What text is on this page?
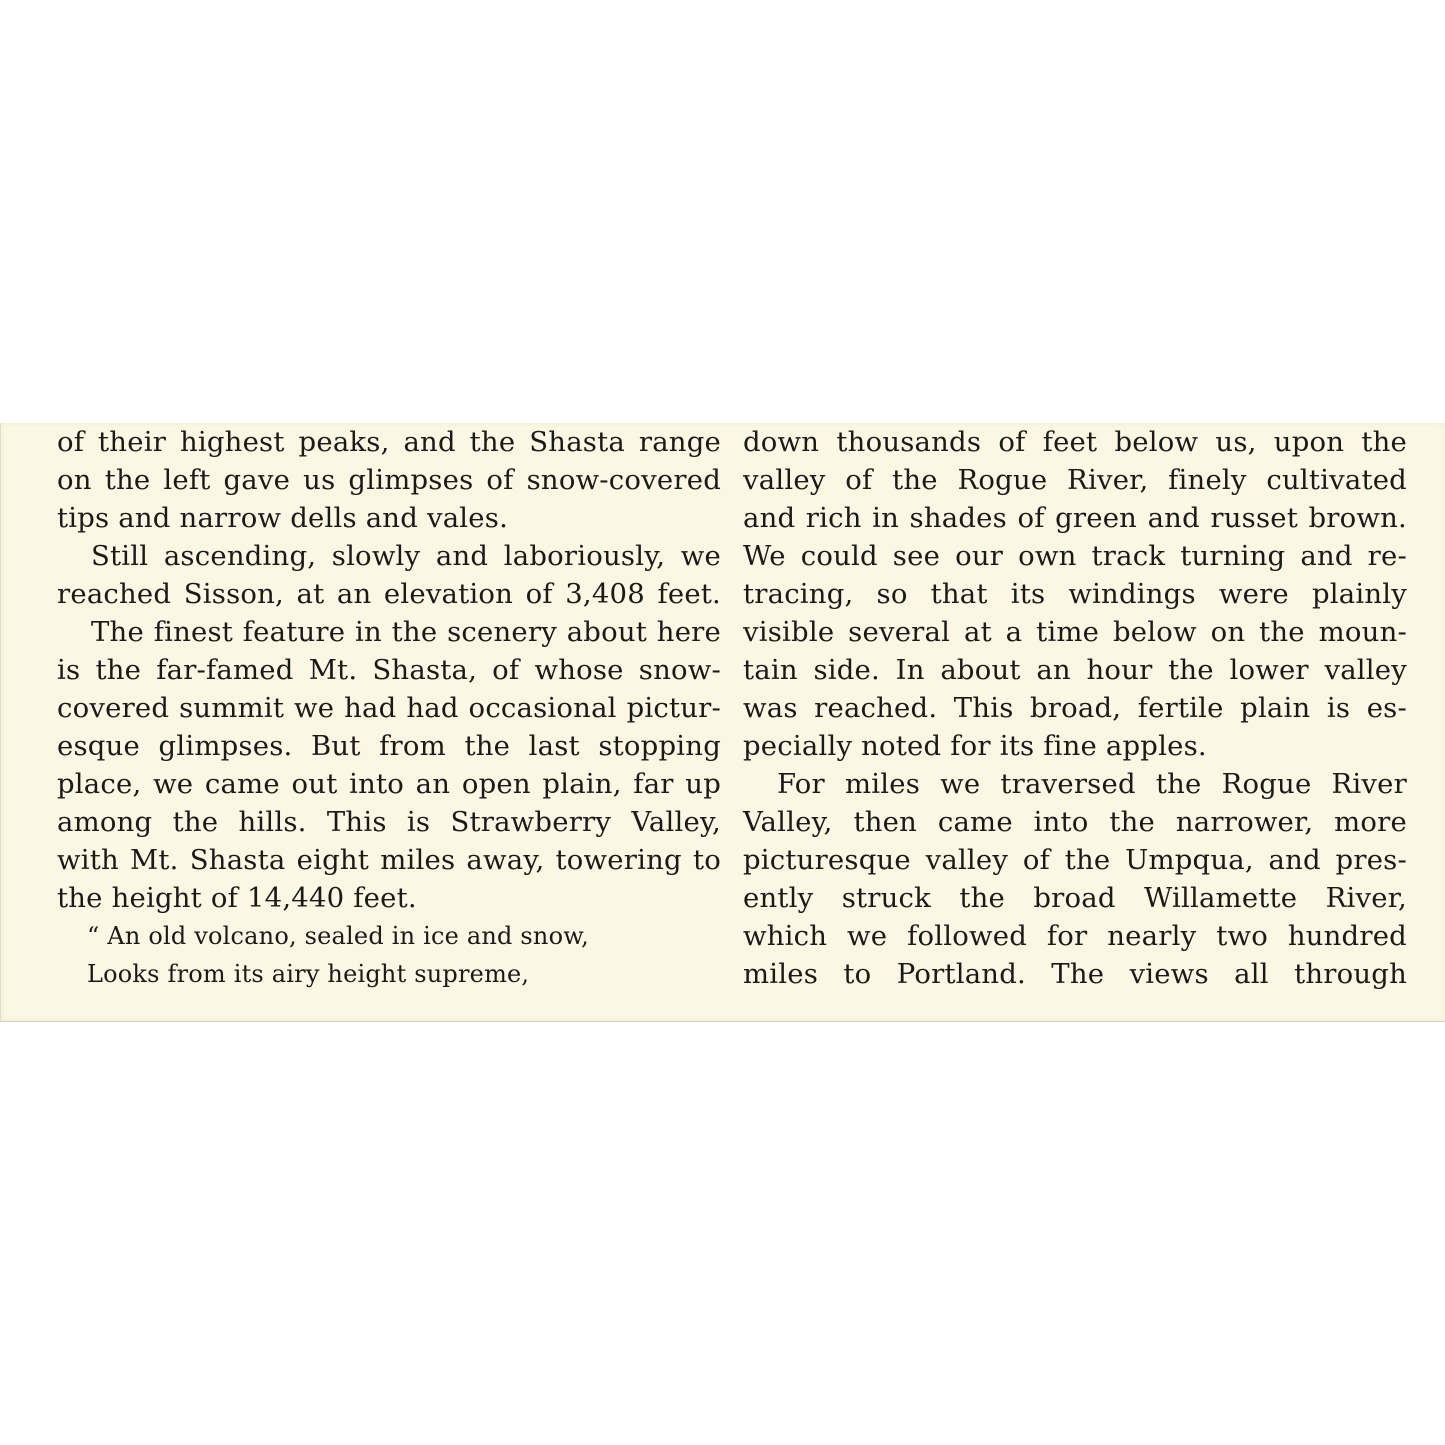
of their highest peaks, and the Shasta range
on the left gave us glimpses of snow-covered
tips and narrow dells and vales.
Still ascending, slowly and laboriously, we
reached Sisson, at an elevation of 3,408 feet.
The finest feature in the scenery about here
is the far-famed Mt. Shasta, of whose snow-
covered summit we had had occasional pictur-
esque glimpses. But from the last stopping
place, we came out into an open plain, far up
among the hills. This is Strawberry Valley,
with Mt. Shasta eight miles away, towering to
the height of 14,440 feet.
“ An old volcano, sealed in ice and snow,
Looks from its airy height supreme,
down thousands of feet below us, upon the
valley of the Rogue River, finely cultivated
and rich in shades of green and russet brown.
We could see our own track turning and re-
tracing, so that its windings were plainly
visible several at a time below on the moun-
tain side. In about an hour the lower valley
was reached. This broad, fertile plain is es-
pecially noted for its fine apples.
For miles we traversed the Rogue River
Valley, then came into the narrower, more
picturesque valley of the Umpqua, and pres-
ently struck the broad Willamette River,
which we followed for nearly two hundred
miles to Portland. The views all through
